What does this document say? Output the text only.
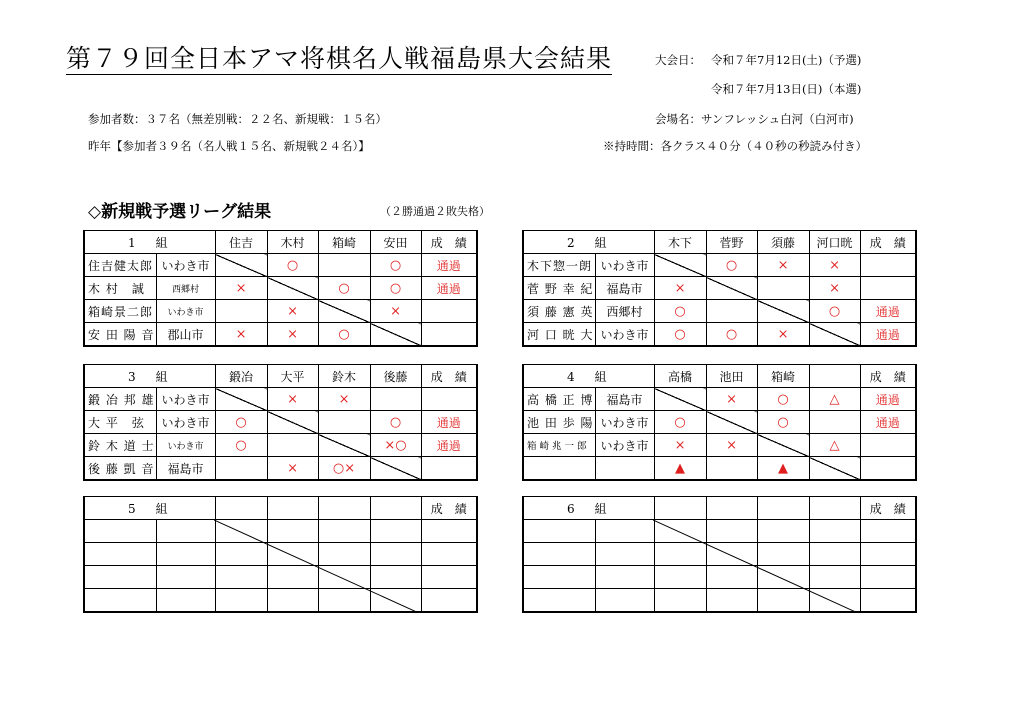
第７９回全日本アマ将棋名人戦福島県大会結果	大会日： 令和７年7月12日(土)（予選)
令和７年7月13日(日)（本選)
参加者数：３７名（無差別戦：２２名、新規戦：１５名）	会場名：サンフレッシュ白河（白河市)
昨年【参加者３９名（名人戦１５名、新規戦２４名）】	※持時間：各クラス４０分（４０秒の秒読み付き）
◇新規戦予選リーグ結果	（２勝通過２敗失格）
1　組		住吉	木村	箱崎	安田	成　績
住吉健太郎	いわき市		○		○	通過
木 村　誠	西郷村	×		○	○	通過
箱崎景二郎	いわき市		×		×	
安 田 陽 音	郡山市	×	×	○		
2　組		木下	菅野	須藤	河口晄	成　績
木下惣一朗	いわき市		○	×	×	
菅 野 幸 紀	福島市	×			×	
須 藤 憲 英	西郷村	○			○	通過
河 口 晄 大	いわき市	○	○	×		通過
3　組		鍛冶	大平	鈴木	後藤	成　績
鍛 冶 邦 雄	いわき市		×	×		
大 平　弦	いわき市	○			○	通過
鈴 木 道 士	いわき市	○			×○	通過
後 藤 凱 音	福島市		×	○×		
4　組		高橋	池田	箱崎		成　績
高 橋 正 博	福島市		×	○	△	通過
池 田 歩 陽	いわき市	○		○		通過
箱 崎 兆 一 郎	いわき市	×	×		△	
		▲		▲		
5　組						成　績

							6　組						成　績
